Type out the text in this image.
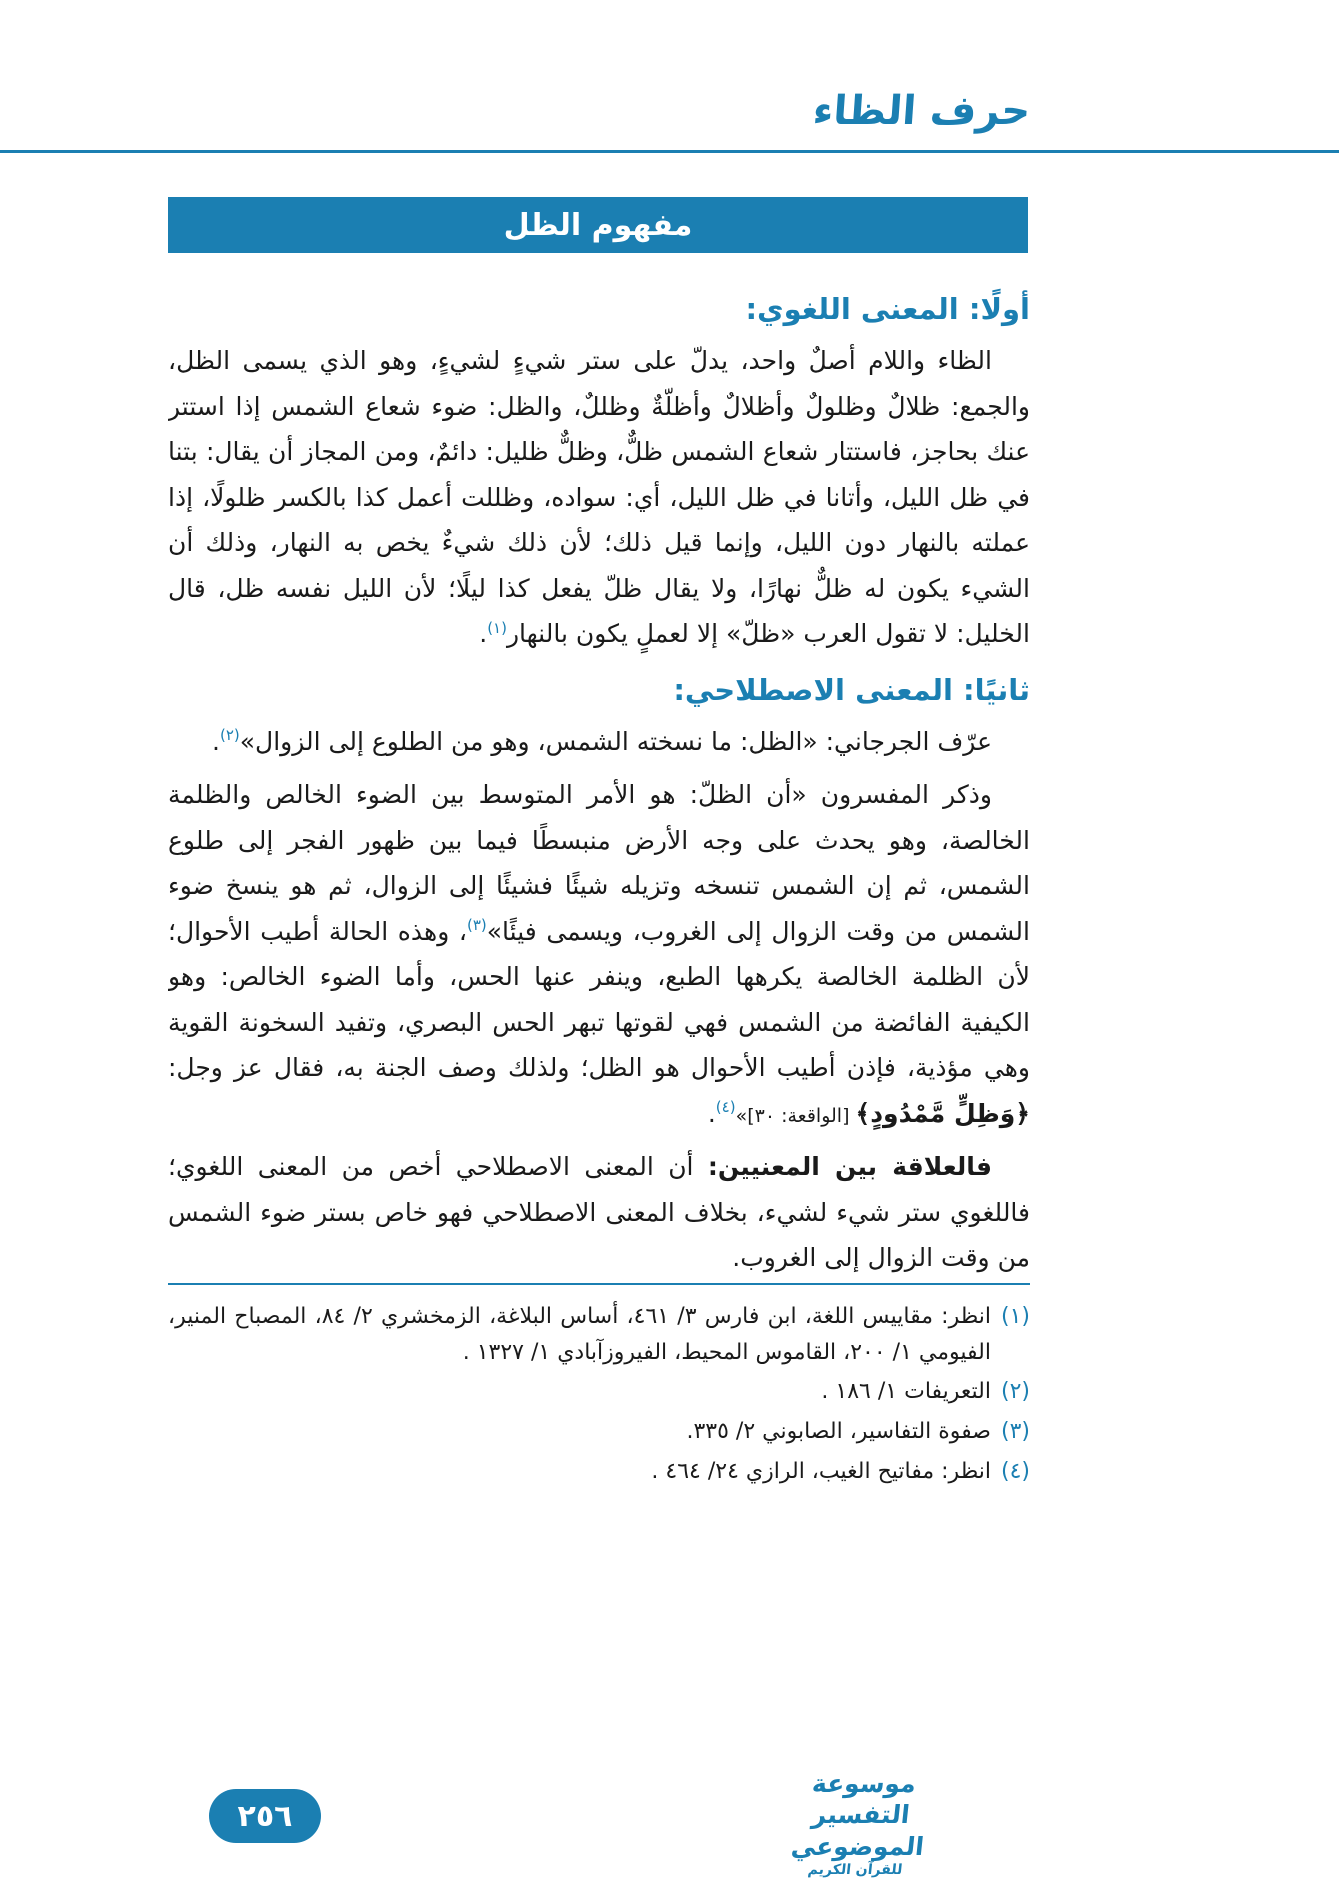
حرف الظاء
مفهوم الظل
أولًا: المعنى اللغوي:

الظاء واللام أصلٌ واحد، يدلّ على ستر شيءٍ لشيءٍ، وهو الذي يسمى الظل، والجمع: ظلالٌ وظلولٌ وأظلالٌ وأظلّةٌ وظللٌ، والظل: ضوء شعاع الشمس إذا استتر عنك بحاجز، فاستتار شعاع الشمس ظلٌّ، وظلٌّ ظليل: دائمٌ، ومن المجاز أن يقال: بتنا في ظل الليل، وأتانا في ظل الليل، أي: سواده، وظللت أعمل كذا بالكسر ظلولًا، إذا عملته بالنهار دون الليل، وإنما قيل ذلك؛ لأن ذلك شيءٌ يخص به النهار، وذلك أن الشيء يكون له ظلٌّ نهارًا، ولا يقال ظلّ يفعل كذا ليلًا؛ لأن الليل نفسه ظل، قال الخليل: لا تقول العرب «ظلّ» إلا لعملٍ يكون بالنهار(١).

ثانيًا: المعنى الاصطلاحي:

عرّف الجرجاني: «الظل: ما نسخته الشمس، وهو من الطلوع إلى الزوال»(٢).

وذكر المفسرون «أن الظلّ: هو الأمر المتوسط بين الضوء الخالص والظلمة الخالصة، وهو يحدث على وجه الأرض منبسطًا فيما بين ظهور الفجر إلى طلوع الشمس، ثم إن الشمس تنسخه وتزيله شيئًا فشيئًا إلى الزوال، ثم هو ينسخ ضوء الشمس من وقت الزوال إلى الغروب، ويسمى فيئًا»(٣)، وهذه الحالة أطيب الأحوال؛ لأن الظلمة الخالصة يكرهها الطبع، وينفر عنها الحس، وأما الضوء الخالص: وهو الكيفية الفائضة من الشمس فهي لقوتها تبهر الحس البصري، وتفيد السخونة القوية وهي مؤذية، فإذن أطيب الأحوال هو الظل؛ ولذلك وصف الجنة به، فقال عز وجل: ﴿وَظِلٍّ مَّمْدُودٍ﴾ [الواقعة: ٣٠]»(٤).

فالعلاقة بين المعنيين: أن المعنى الاصطلاحي أخص من المعنى اللغوي؛ فاللغوي ستر شيء لشيء، بخلاف المعنى الاصطلاحي فهو خاص بستر ضوء الشمس من وقت الزوال إلى الغروب.

(١)
انظر: مقاييس اللغة، ابن فارس ٣/ ٤٦١، أساس البلاغة، الزمخشري ٢/ ٨٤، المصباح المنير، الفيومي ١/ ٢٠٠، القاموس المحيط، الفيروزآبادي ١/ ١٣٢٧ .
(٢)
التعريفات ١/ ١٨٦ .
(٣)
صفوة التفاسير، الصابوني ٢/ ٣٣٥.
(٤)
انظر: مفاتيح الغيب، الرازي ٢٤/ ٤٦٤ .
موسوعة التفسير الموضوعي
للقرآن الكريم
٢٥٦
